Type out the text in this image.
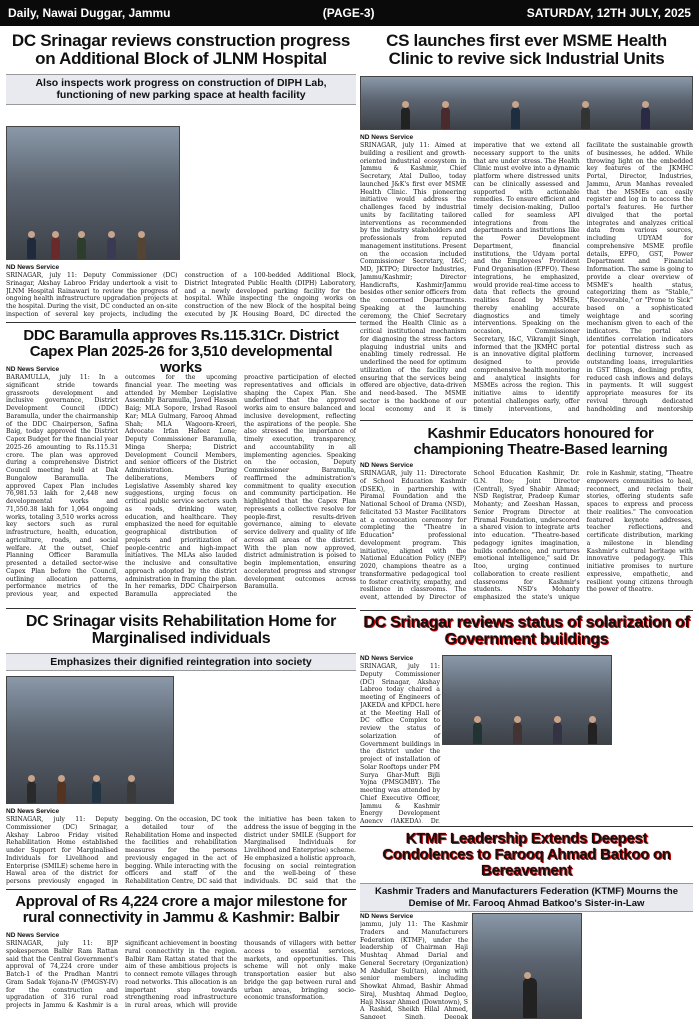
Daily, Nawai Duggar, Jammu	(PAGE-3)	SATURDAY, 12TH JULY, 2025
DC Srinagar reviews construction progress on Additional Block of JLNM Hospital
Also inspects work progress on construction of DIPH Lab, functioning of new parking space at health facility
ND News Service
SRINAGAR, july 11: Deputy Commissioner (DC) Srinagar, Akshay Labroo Friday undertook a visit to JLNM Hospital Rainawari to review the progress of ongoing health infrastructure upgradation projects at the hospital. During the visit, DC conducted an on-site inspection of several key projects, including the construction of a 100-bedded Additional Block, District Integrated Public Health (DIPH) Laboratory, and a newly developed parking facility for the hospital. While inspecting the ongoing works on construction of the new Block of the hospital being executed by JK Housing Board, DC directed the
CS launches first ever MSME Health Clinic to revive sick Industrial Units
ND News Service
SRINAGAR, july 11: Aimed at building a resilient and growth-oriented industrial ecosystem in Jammu & Kashmir, Chief Secretary, Atal Dulloo, today launched J&K's first ever MSME Health Clinic. This pioneering initiative would address the challenges faced by industrial units by facilitating tailored interventions as recommended by the industry stakeholders and professionals from reputed management institutions. Present on the occasion included Commissioner Secretary, I&C; MD, JKTPO; Director Industries, Jammu/Kashmir; Director Handicrafts, Kashmir/Jammu besides other senior officers from the concerned Departments. Speaking at the launching ceremony, the Chief Secretary termed the Health Clinic as a critical institutional mechanism for diagnosing the stress factors plaguing industrial units and enabling timely redressal. He underlined the need for optimum utilization of the facility and ensuring that the services being offered are objective, data-driven and need-based. The MSME sector is the backbone of our local economy and it is imperative that we extend all necessary support to the units that are under stress. The Health Clinic must evolve into a dynamic platform where distressed units can be clinically assessed and supported with actionable remedies. To ensure efficient and timely decision-making, Dulloo called for seamless API integrations from the departments and institutions like the Power Development Department, financial institutions, the Udyam portal and the Employees' Provident Fund Organisation (EPFO). These integrations, he emphasized, would provide real-time access to data that reflects the ground realities faced by MSMEs, thereby enabling accurate diagnostics and timely interventions. Speaking on the occasion, Commissioner Secretary, I&C, Vikramjit Singh, informed that the JKMHC portal is an innovative digital platform designed to provide comprehensive health monitoring and analytical insights for MSMEs across the region. This initiative aims to identify potential challenges early, offer timely interventions, and facilitate the sustainable growth of businesses, he added. While throwing light on the embedded key features of the JKMHC Portal, Director, Industries, Jammu, Arun Manhas revealed that the MSMEs can easily register and log in to access the portal's features. He further divulged that the portal integrates and analyzes critical data from various sources, including UDYAM for comprehensive MSME profile details, EPFO, GST, Power Department and Financial Information. The same is going to provide a clear overview of MSME's health status, categorizing them as "Stable," "Recoverable," or "Prone to Sick" based on a sophisticated weightage and scoring mechanism given to each of the indicators. The portal also identifies correlation indicators for potential distress such as declining turnover, increased outstanding loans, irregularities in GST filings, declining profits, reduced cash inflows and delays in payments. It will suggest appropriate measures for its revival through dedicated handholding and mentorship
DDC Baramulla approves Rs.115.31Cr. District Capex Plan 2025-26 for 3,510 developmental works
ND News Service
BARAMULLA, july 11: In a significant stride towards grassroots development and inclusive governance, District Development Council (DDC) Baramulla, under the chairmanship of the DDC Chairperson, Safina Baig, today approved the District Capex Budget for the financial year 2025-26 amounting to Rs.115.31 crore. The plan was approved during a comprehensive District Council meeting held at Dak Bungalow Baramulla. The approved Capex Plan includes 76,981.53 lakh for 2,448 new developmental works and 71,550.38 lakh for 1,064 ongoing works, totaling 3,510 works across key sectors such as rural infrastructure, health, education, agriculture, roads, and social welfare. At the outset, Chief Planning Officer Baramulla presented a detailed sector-wise Capex Plan before the Council, outlining allocation patterns, performance metrics of the previous year, and expected outcomes for the upcoming financial year. The meeting was attended by Member Legislative Assembly Baramulla, Javed Hassan Baig; MLA Sopore, Irshad Rasool Kar; MLA Gulmarg, Farooq Ahmad Shah; MLA Wagoora-Kreeri, Advocate Irfan Hafeez Lone; Deputy Commissioner Baramulla, Minga Sherpa; District Development Council Members, and senior officers of the District Administration. During deliberations, Members of Legislative Assembly shared key suggestions, urging focus on critical public service sectors such as roads, drinking water, education, and healthcare. They emphasized the need for equitable geographical distribution of projects and prioritization of people-centric and high-impact initiatives. The MLAs also lauded the inclusive and consultative approach adopted by the district administration in framing the plan. In her remarks, DDC Chairperson Baramulla appreciated the proactive participation of elected representatives and officials in shaping the Capex Plan. She underlined that the approved works aim to ensure balanced and inclusive development, reflecting the aspirations of the people. She also stressed the importance of timely execution, transparency, and accountability in all implementing agencies. Speaking on the occasion, Deputy Commissioner Baramulla, reaffirmed the administration's commitment to quality execution and community participation. He highlighted that the Capex Plan represents a collective resolve for people-first, results-driven governance, aiming to elevate service delivery and quality of life across all areas of the district. With the plan now approved, district administration is poised to begin implementation, ensuring accelerated progress and stronger development outcomes across Baramulla.
Kashmir Educators honoured for championing Theatre-Based learning
ND News Service
SRINAGAR, july 11: Directorate of School Education Kashmir (DSEK), in partnership with Piramal Foundation and the National School of Drama (NSD), felicitated 53 Master Facilitators at a convocation ceremony for completing the "Theatre in Education" professional development program. This initiative, aligned with the National Education Policy (NEP) 2020, champions theatre as a transformative pedagogical tool to foster creativity, empathy, and resilience in classrooms. The event, attended by Director of School Education Kashmir, Dr. G.N. Itoo; Joint Director (Central), Syed Shabir Ahmad; NSD Registrar, Pradeep Kumar Mohanty; and Zeeshan Hassan, Senior Program Director at Piramal Foundation, underscored a shared vision to integrate arts into education. "Theatre-based pedagogy ignites imagination, builds confidence, and nurtures emotional intelligence," said Dr. Itoo, urging continued collaboration to create resilient classrooms for Kashmir's students. NSD's Mohanty emphasized the state's unique role in Kashmir, stating, "Theatre empowers communities to heal, reconnect, and reclaim their stories, offering students safe spaces to express and process their realities." The convocation featured keynote addresses, teacher reflections, and certificate distribution, marking a milestone in blending Kashmir's cultural heritage with innovative pedagogy. This initiative promises to nurture expressive, empathetic, and resilient young citizens through the power of theatre.
DC Srinagar reviews status of solarization of Government buildings
ND News Service
SRINAGAR, july 11: Deputy Commissioner (DC) Srinagar, Akshay Labroo today chaired a meeting of Engineers of JAKEDA and KPDCL here at the Meeting Hall of DC office Complex to review the status of solarization of Government buildings in the district under the project of installation of Solar Rooftops under PM Surya Ghar-Muft Bijli Yojna (PMSGMBY). The meeting was attended by Chief Executive Officer, Jammu & Kashmir Energy Development Agency (JAKEDA), Dr.
DC Srinagar visits Rehabilitation Home for Marginalised individuals
Emphasizes their dignified reintegration into society
ND News Service
SRINAGAR, july 11: Deputy Commissioner (DC) Srinagar, Akshay Labroo Friday visited Rehabilitation Home established under Support for Marginalised Individuals for Livelihood and Enterprise (SMILE) scheme here in Hawal area of the district for persons previously engaged in begging. On the occasion, DC took a detailed tour of the Rehabilitation Home and inspected the facilities and rehabilitation measures for the persons previously engaged in the act of begging. While interacting with the officers and staff of the Rehabilitation Centre, DC said that the initiative has been taken to address the issue of begging in the district under SMILE (Support for Marginalised Individuals for Livelihood and Enterprise) scheme. He emphasized a holistic approach, focusing on social reintegration and the well-being of these individuals. DC said that the
KTMF Leadership Extends Deepest Condolences to Farooq Ahmad Batkoo on Bereavement
Kashmir Traders and Manufacturers Federation (KTMF) Mourns the Demise of Mr. Farooq Ahmad Batkoo's Sister-in-Law
ND News Service
jammu, july 11: The Kashmir Traders and Manufacturers Federation (KTMF), under the leadership of Chairman Haji Mushtaq Ahmad Darial and General Secretary (Organization) M Abdullar Sul(tan), along with senior members including Showkat Ahmad, Bashir Ahmad Siraj, Mushtaq Ahmad Degloo, Haji Nissar Ahmed (Downtown), S A Rashid, Sheikh Hilal Ahmed, Sangeet Singh, Deepak
Approval of Rs 4,224 crore a major milestone for rural connectivity in Jammu & Kashmir: Balbir
ND News Service
SRINAGAR, july 11: BJP spokesperson Balbir Ram Rattan said that the Central Government's approval of 74,224 crore under Batch-1 of the Pradhan Mantri Gram Sadak Yojana-IV (PMGSY-IV) for the construction and upgradation of 316 rural road projects in Jammu & Kashmir is a significant achievement in boosting rural connectivity in the region. Balbir Ram Rattan stated that the aim of these ambitious projects is to connect remote villages through road networks. This allocation is an important step towards strengthening road infrastructure in rural areas, which will provide thousands of villagers with better access to essential services, markets, and opportunities. This scheme will not only make transportation easier but also bridge the gap between rural and urban areas, bringing socio-economic transformation.
